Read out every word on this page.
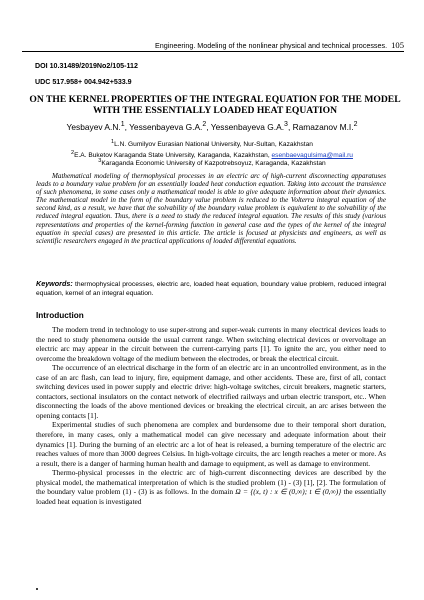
Engineering. Modeling of the nonlinear physical and technical processes. 105
DOI 10.31489/2019No2/105-112
UDC 517.958+ 004.942+533.9
ON THE KERNEL PROPERTIES OF THE INTEGRAL EQUATION FOR THE MODEL WITH THE ESSENTIALLY LOADED HEAT EQUATION
Yesbayev A.N.$^1$, Yessenbayeva G.A.$^2$, Yessenbayeva G.A.$^3$, Ramazanov M.I.$^2$
$^1$L.N. Gumilyov Eurasian National University, Nur-Sultan, Kazakhstan
$^2$E.A. Buketov Karaganda State University, Karaganda, Kazakhstan, esenbaevagulsima@mail.ru
$^3$Karaganda Economic University of Kazpotrebsoyuz, Karaganda, Kazakhstan

Mathematical modeling of thermophysical processes in an electric arc of high-current disconnecting apparatuses leads to a boundary value problem for an essentially loaded heat conduction equation. Taking into account the transience of such phenomena, in some cases only a mathematical model is able to give adequate information about their dynamics. The mathematical model in the form of the boundary value problem is reduced to the Volterra integral equation of the second kind, as a result, we have that the solvability of the boundary value problem is equivalent to the solvability of the reduced integral equation. Thus, there is a need to study the reduced integral equation. The results of this study (various representations and properties of the kernel-forming function in general case and the types of the kernel of the integral equation in special cases) are presented in this article. The article is focused at physicists and engineers, as well as scientific researchers engaged in the practical applications of loaded differential equations.

Keywords: thermophysical processes, electric arc, loaded heat equation, boundary value problem, reduced integral equation, kernel of an integral equation.
Introduction

The modern trend in technology to use super-strong and super-weak currents in many electrical devices leads to the need to study phenomena outside the usual current range. When switching electrical devices or overvoltage an electric arc may appear in the circuit between the current-carrying parts [1]. To ignite the arc, you either need to overcome the breakdown voltage of the medium between the electrodes, or break the electrical circuit.

The occurrence of an electrical discharge in the form of an electric arc in an uncontrolled environment, as in the case of an arc flash, can lead to injury, fire, equipment damage, and other accidents. These are, first of all, contact switching devices used in power supply and electric drive: high-voltage switches, circuit breakers, magnetic starters, contactors, sectional insulators on the contact network of electrified railways and urban electric transport, etc.. When disconnecting the loads of the above mentioned devices or breaking the electrical circuit, an arc arises between the opening contacts [1].

Experimental studies of such phenomena are complex and burdensome due to their temporal short duration, therefore, in many cases, only a mathematical model can give necessary and adequate information about their dynamics [1]. During the burning of an electric arc a lot of heat is released, a burning temperature of the electric arc reaches values of more than 3000 degrees Celsius. In high-voltage circuits, the arc length reaches a meter or more. As a result, there is a danger of harming human health and damage to equipment, as well as damage to environment.

Thermo-physical processes in the electric arc of high-current disconnecting devices are described by the physical model, the mathematical interpretation of which is the studied problem (1) - (3) [1], [2]. The formulation of the boundary value problem (1) - (3) is as follows. In the domain Ω = {(x, t) : x ∈ (0,∞); t ∈ (0,∞)} the essentially loaded heat equation is investigated
